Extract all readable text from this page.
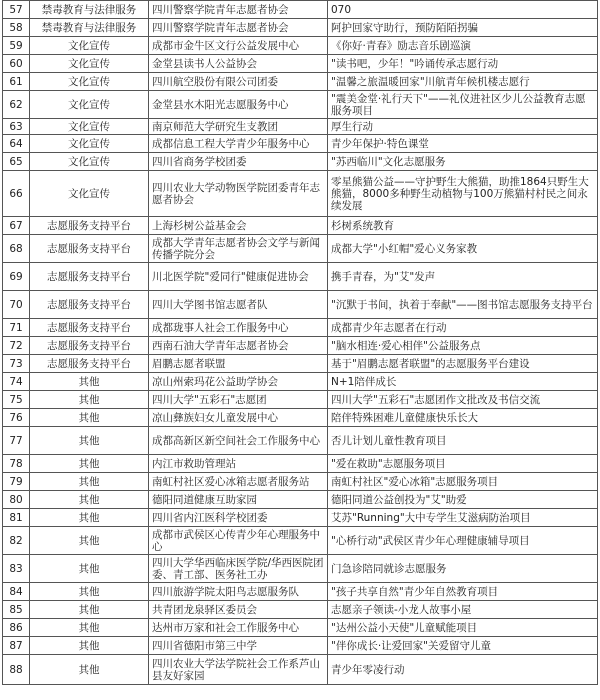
57	禁毒教育与法律服务	四川警察学院青年志愿者协会	070
58	禁毒教育与法律服务	四川警察学院青年志愿者协会	阿护回家守助行，预防陌陌拐骗
59	文化宣传	成都市金牛区文行公益发展中心	《你好·青春》励志音乐剧巡演
60	文化宣传	金堂县读书人公益协会	"读书吧，少年！"吟诵传承志愿行动
61	文化宣传	四川航空股份有限公司团委	"温馨之旅温暖回家"川航青年候机楼志愿行
62	文化宣传	金堂县水木阳光志愿服务中心	"震美金堂·礼行天下"——礼仪进社区少儿公益教育志愿服务项目
63	文化宣传	南京师范大学研究生支教团	厚生行动
64	文化宣传	成都信息工程大学青少年服务中心	青少年保护·特色课堂
65	文化宣传	四川省商务学校团委	"苏西临川"文化志愿服务
66	文化宣传	四川农业大学动物医学院团委青年志愿者协会	零星熊猫公益——守护野生大熊猫，助推1864只野生大熊猫，8000多种野生动植物与100万熊猫村村民之间永续发展
67	志愿服务支持平台	上海杉树公益基金会	杉树系统教育
68	志愿服务支持平台	成都大学青年志愿者协会文学与新闻传播学院分会	成都大学"小红帽"爱心义务家教
69	志愿服务支持平台	川北医学院"爱同行"健康促进协会	携手青春，为"艾"发声
70	志愿服务支持平台	四川大学图书馆志愿者队	"沉默于书间，执着于奉献"——图书馆志愿服务支持平台
71	志愿服务支持平台	成都珑事人社会工作服务中心	成都青少年志愿者在行动
72	志愿服务支持平台	西南石油大学青年志愿者协会	"脑水相连·爱心相伴"公益服务点
73	志愿服务支持平台	眉鹏志愿者联盟	基于"眉鹏志愿者联盟"的志愿服务平台建设
74	其他	凉山州索玛花公益助学协会	N+1陪伴成长
75	其他	四川大学"五彩石"志愿团	四川大学"五彩石"志愿团作文批改及书信交流
76	其他	凉山彝族妇女儿童发展中心	陪伴特殊困难儿童健康快乐长大
77	其他	成都高新区新空间社会工作服务中心	否儿计划儿童性教育项目
78	其他	内江市救助管理站	"爱在救助"志愿服务项目
79	其他	南虹村社区爱心冰箱志愿者服务站	南虹村社区"爱心冰箱"志愿服务项目
80	其他	德阳同道健康互助家园	德阳同道公益创投为"艾"助爱
81	其他	四川省内江医科学校团委	艾苏"Running"大中专学生艾滋病防治项目
82	其他	成都市武侯区心传青少年心理服务中心	"心桥行动"武侯区青少年心理健康辅导项目
83	其他	四川大学华西临床医学院/华西医院团委、青工部、医务社工办	门急诊陪同就诊志愿服务
84	其他	四川旅游学院太阳鸟志愿服务队	"孩子共享自然"青少年自然教育项目
85	其他	共青团龙泉驿区委员会	志愿亲子领读-小龙人故事小屋
86	其他	达州市万家和社会工作服务中心	"达州公益小天使"儿童赋能项目
87	其他	四川省德阳市第三中学	"伴你成长·让爱回家"关爱留守儿童
88	其他	四川农业大学法学院社会工作系芦山县友好家园	青少年零凌行动
